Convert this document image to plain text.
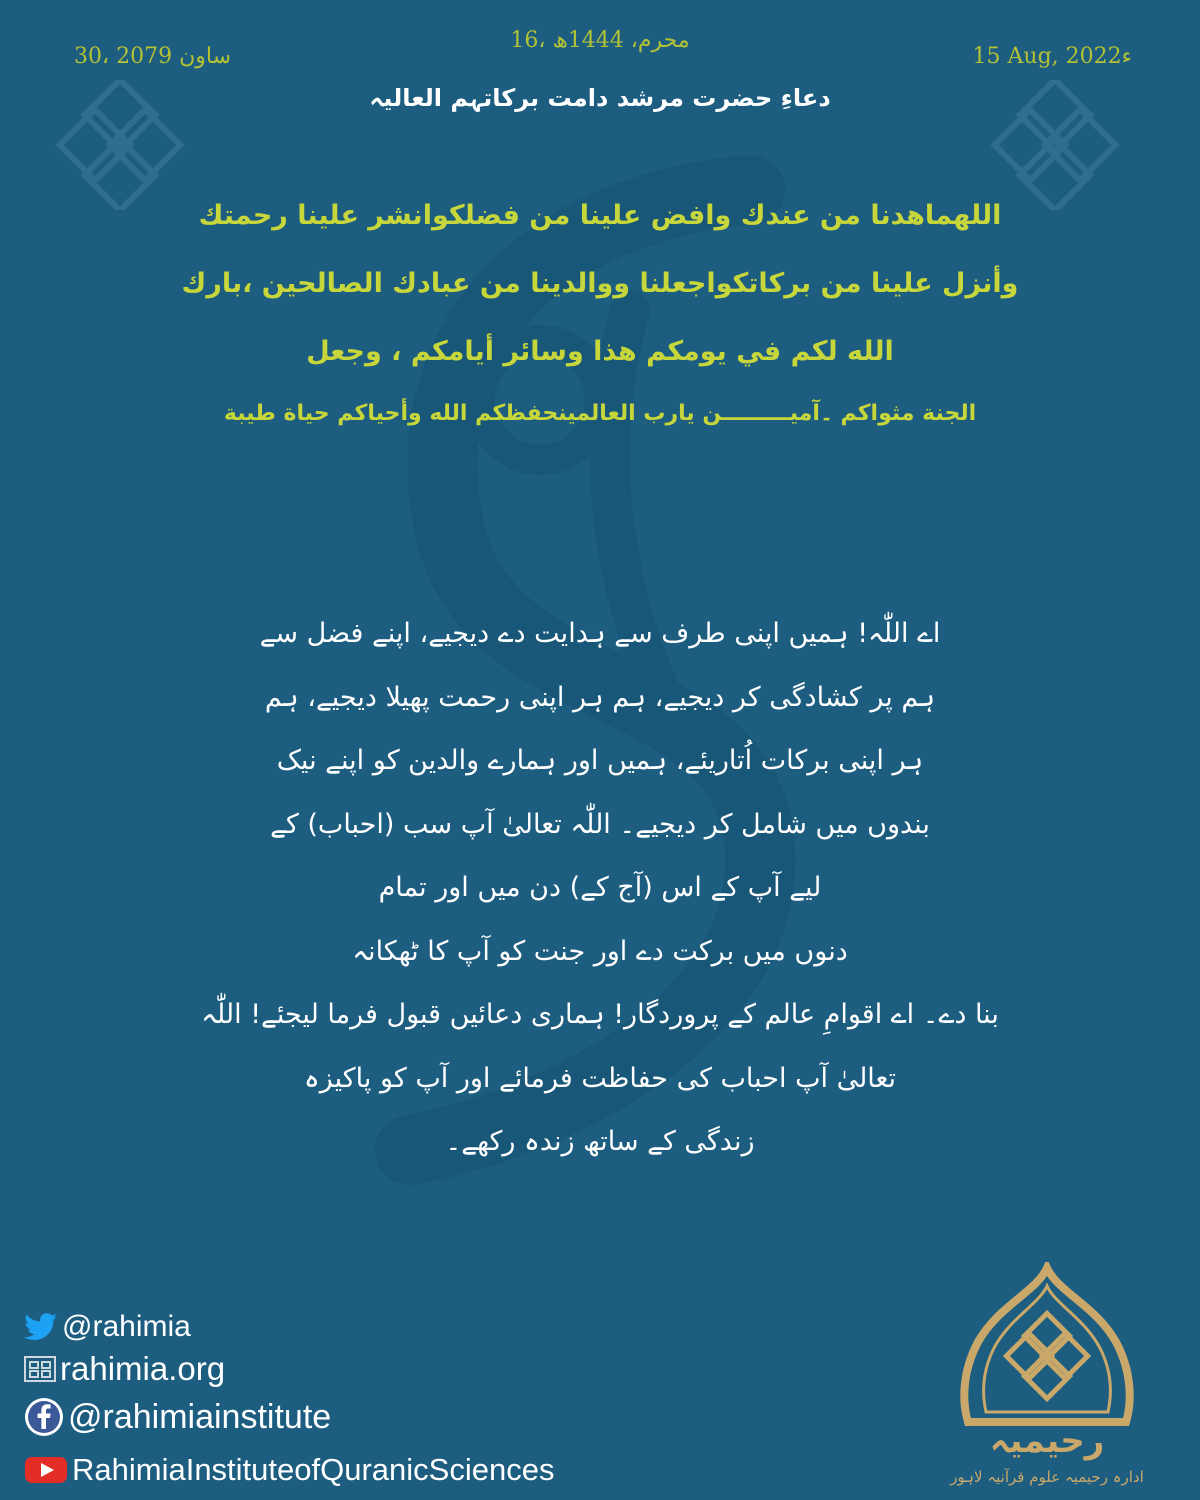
16، محرم، 1444ھ
30، ساون 2079	15 Aug, 2022ء
دعاءِ حضرت مرشد دامت برکاتہم العالیہ
اللهماهدنا من عندك وافض علينا من فضلكوانشر علينا رحمتك
وأنزل علينا من بركاتكواجعلنا ووالدينا من عبادك الصالحين ،بارك
الله لكم في يومكم هذا وسائر أيامكم ، وجعل
الجنة مثواكم ۔آمیـــــــــن يارب العالمينحفظكم الله وأحياكم حياة طيبة
اے اللّٰہ! ہمیں اپنی طرف سے ہدایت دے دیجیے، اپنے فضل سے
ہم پر کشادگی کر دیجیے، ہم ہر اپنی رحمت پھیلا دیجیے، ہم
ہر اپنی برکات اُتاریئے، ہمیں اور ہمارے والدین کو اپنے نیک
بندوں میں شامل کر دیجیے۔ اللّٰہ تعالیٰ آپ سب (احباب) کے
لیے آپ کے اس (آج کے) دن میں اور تمام
دنوں میں برکت دے اور جنت کو آپ کا ٹھکانہ
بنا دے۔ اے اقوامِ عالم کے پروردگار! ہماری دعائیں قبول فرما لیجئے! اللّٰہ
تعالیٰ آپ احباب کی حفاظت فرمائے اور آپ کو پاکیزہ
زندگی کے ساتھ زندہ رکھے۔
@rahimia
rahimia.org
@rahimiainstitute
RahimiaInstituteofQuranicSciences
رحیمیہ
ادارہ رحیمیہ علوم قرآنیہ لاہور
